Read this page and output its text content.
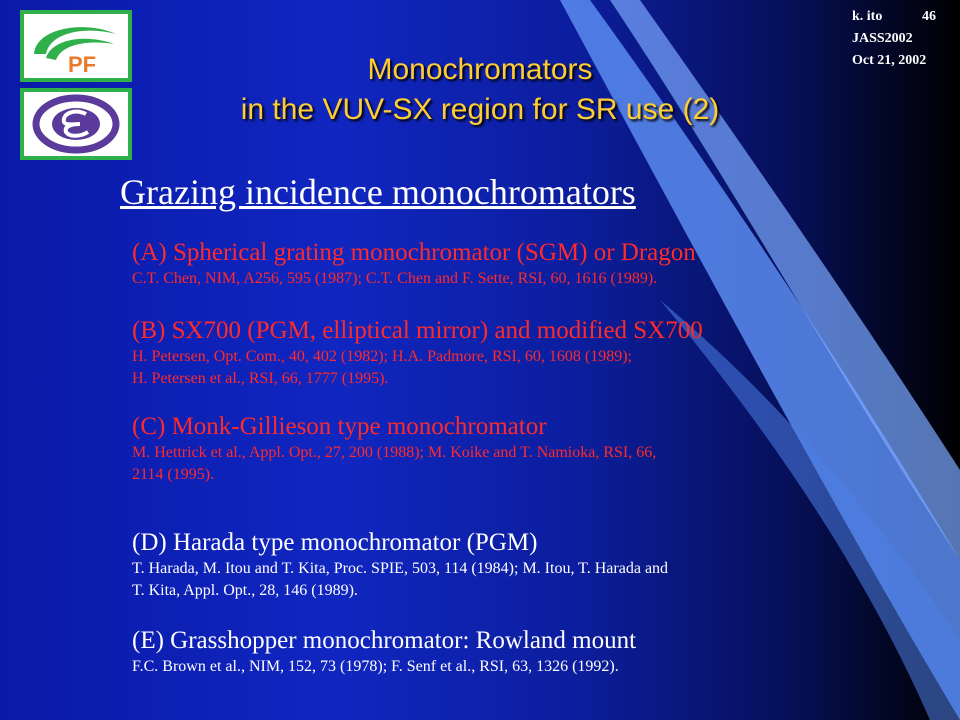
PF
k. ito	46
JASS2002
Oct 21, 2002
Monochromators
in the VUV-SX region for SR use (2)
Grazing incidence monochromators
(A) Spherical grating monochromator (SGM) or Dragon
C.T. Chen, NIM, A256, 595 (1987); C.T. Chen and F. Sette, RSI, 60, 1616 (1989).
(B) SX700 (PGM, elliptical mirror) and modified SX700
H. Petersen, Opt. Com., 40, 402 (1982); H.A. Padmore, RSI, 60, 1608 (1989);
H. Petersen et al., RSI, 66, 1777 (1995).
(C) Monk-Gillieson type monochromator
M. Hettrick et al., Appl. Opt., 27, 200 (1988); M. Koike and T. Namioka, RSI, 66,
2114 (1995).
(D) Harada type monochromator (PGM)
T. Harada, M. Itou and T. Kita, Proc. SPIE, 503, 114 (1984); M. Itou, T. Harada and
T. Kita, Appl. Opt., 28, 146 (1989).
(E) Grasshopper monochromator: Rowland mount
F.C. Brown et al., NIM, 152, 73 (1978); F. Senf et al., RSI, 63, 1326 (1992).
